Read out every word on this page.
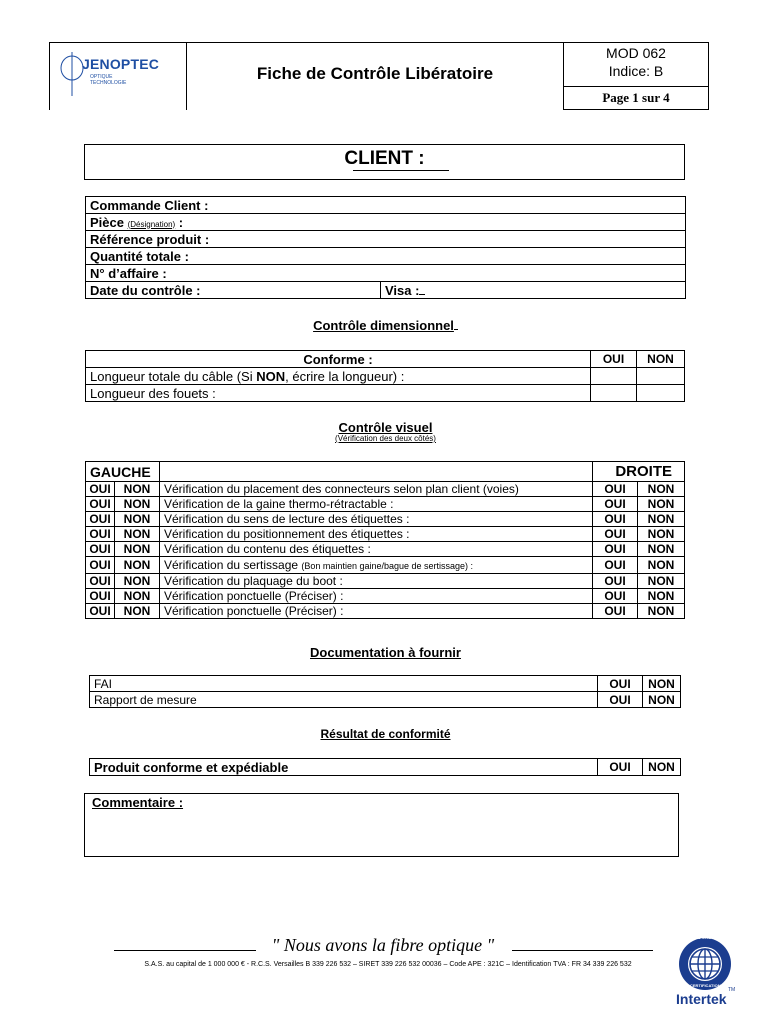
JENOPTEC
OPTIQUE
TECHNOLOGIE	Fiche de Contrôle Libératoire
MOD 062
Indice: B
Page 1 sur 4
CLIENT :
Commande Client :
Pièce (Désignation) :
Référence produit :
Quantité totale :
N° d’affaire :
Date du contrôle :	Visa :
Contrôle dimensionnel
Conforme :	OUI	NON
Longueur totale du câble (Si NON, écrire la longueur) :		
Longueur des fouets :		
Contrôle visuel
(Vérification des deux côtés)
GAUCHE			DROITE	
OUI	NON	Vérification du placement des connecteurs selon plan client (voies)	OUI	NON
OUI	NON	Vérification de la gaine thermo-rétractable :	OUI	NON
OUI	NON	Vérification du sens de lecture des étiquettes :	OUI	NON
OUI	NON	Vérification du positionnement des étiquettes :	OUI	NON
OUI	NON	Vérification du contenu des étiquettes :	OUI	NON
OUI	NON	Vérification du sertissage (Bon maintien gaine/bague de sertissage) :	OUI	NON
OUI	NON	Vérification du plaquage du boot :	OUI	NON
OUI	NON	Vérification ponctuelle (Préciser) :	OUI	NON
OUI	NON	Vérification ponctuelle (Préciser) :	OUI	NON
Documentation à fournir
FAI	OUI	NON
Rapport de mesure	OUI	NON
Résultat de conformité
Produit conforme et expédiable	OUI	NON
Commentaire :
" Nous avons la fibre optique "
S.A.S. au capital de 1 000 000 € - R.C.S. Versailles B 339 226 532 – SIRET 339 226 532 00036 – Code APE : 321C – Identification TVA : FR 34 339 226 532
ISO 9001
CERTIFICATION
Intertek
TM
